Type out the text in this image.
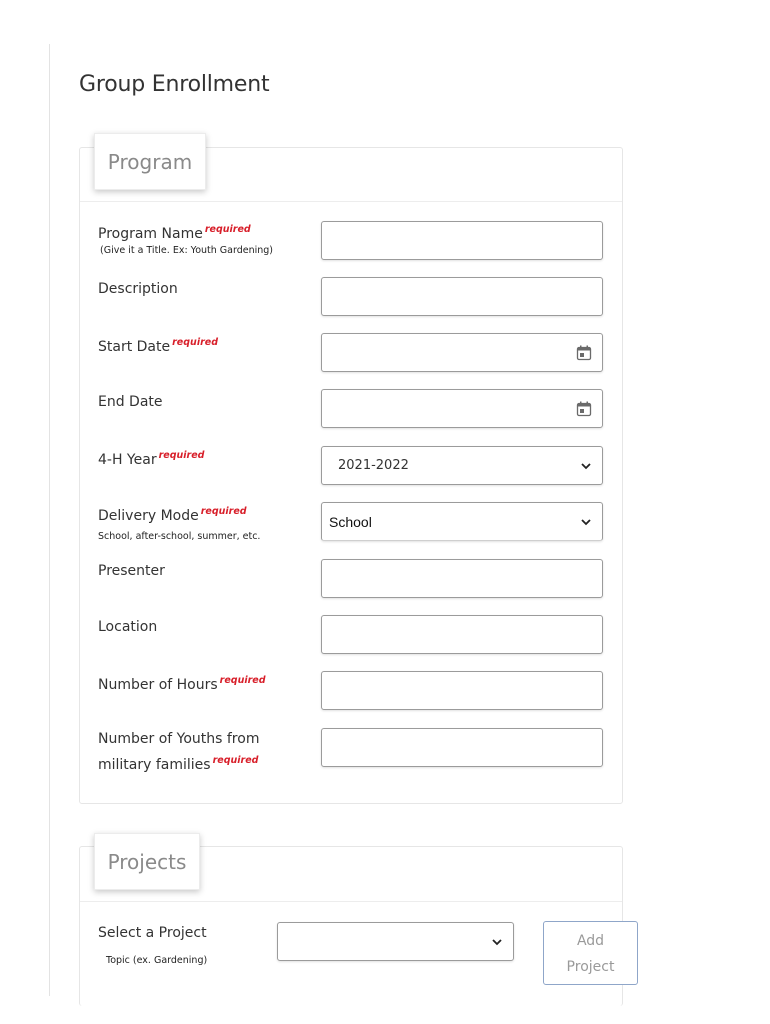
Group Enrollment
Program
Program Name $^{required}$
(Give it a Title. Ex: Youth Gardening)
Description
Start Date $^{required}$
End Date
4-H Year $^{required}$
2021-2022
Delivery Mode $^{required}$
School, after-school, summer, etc.
School
Presenter
Location
Number of Hours $^{required}$
Number of Youths from
military families $^{required}$
Projects
Select a Project
Topic (ex. Gardening)
Add
Project
